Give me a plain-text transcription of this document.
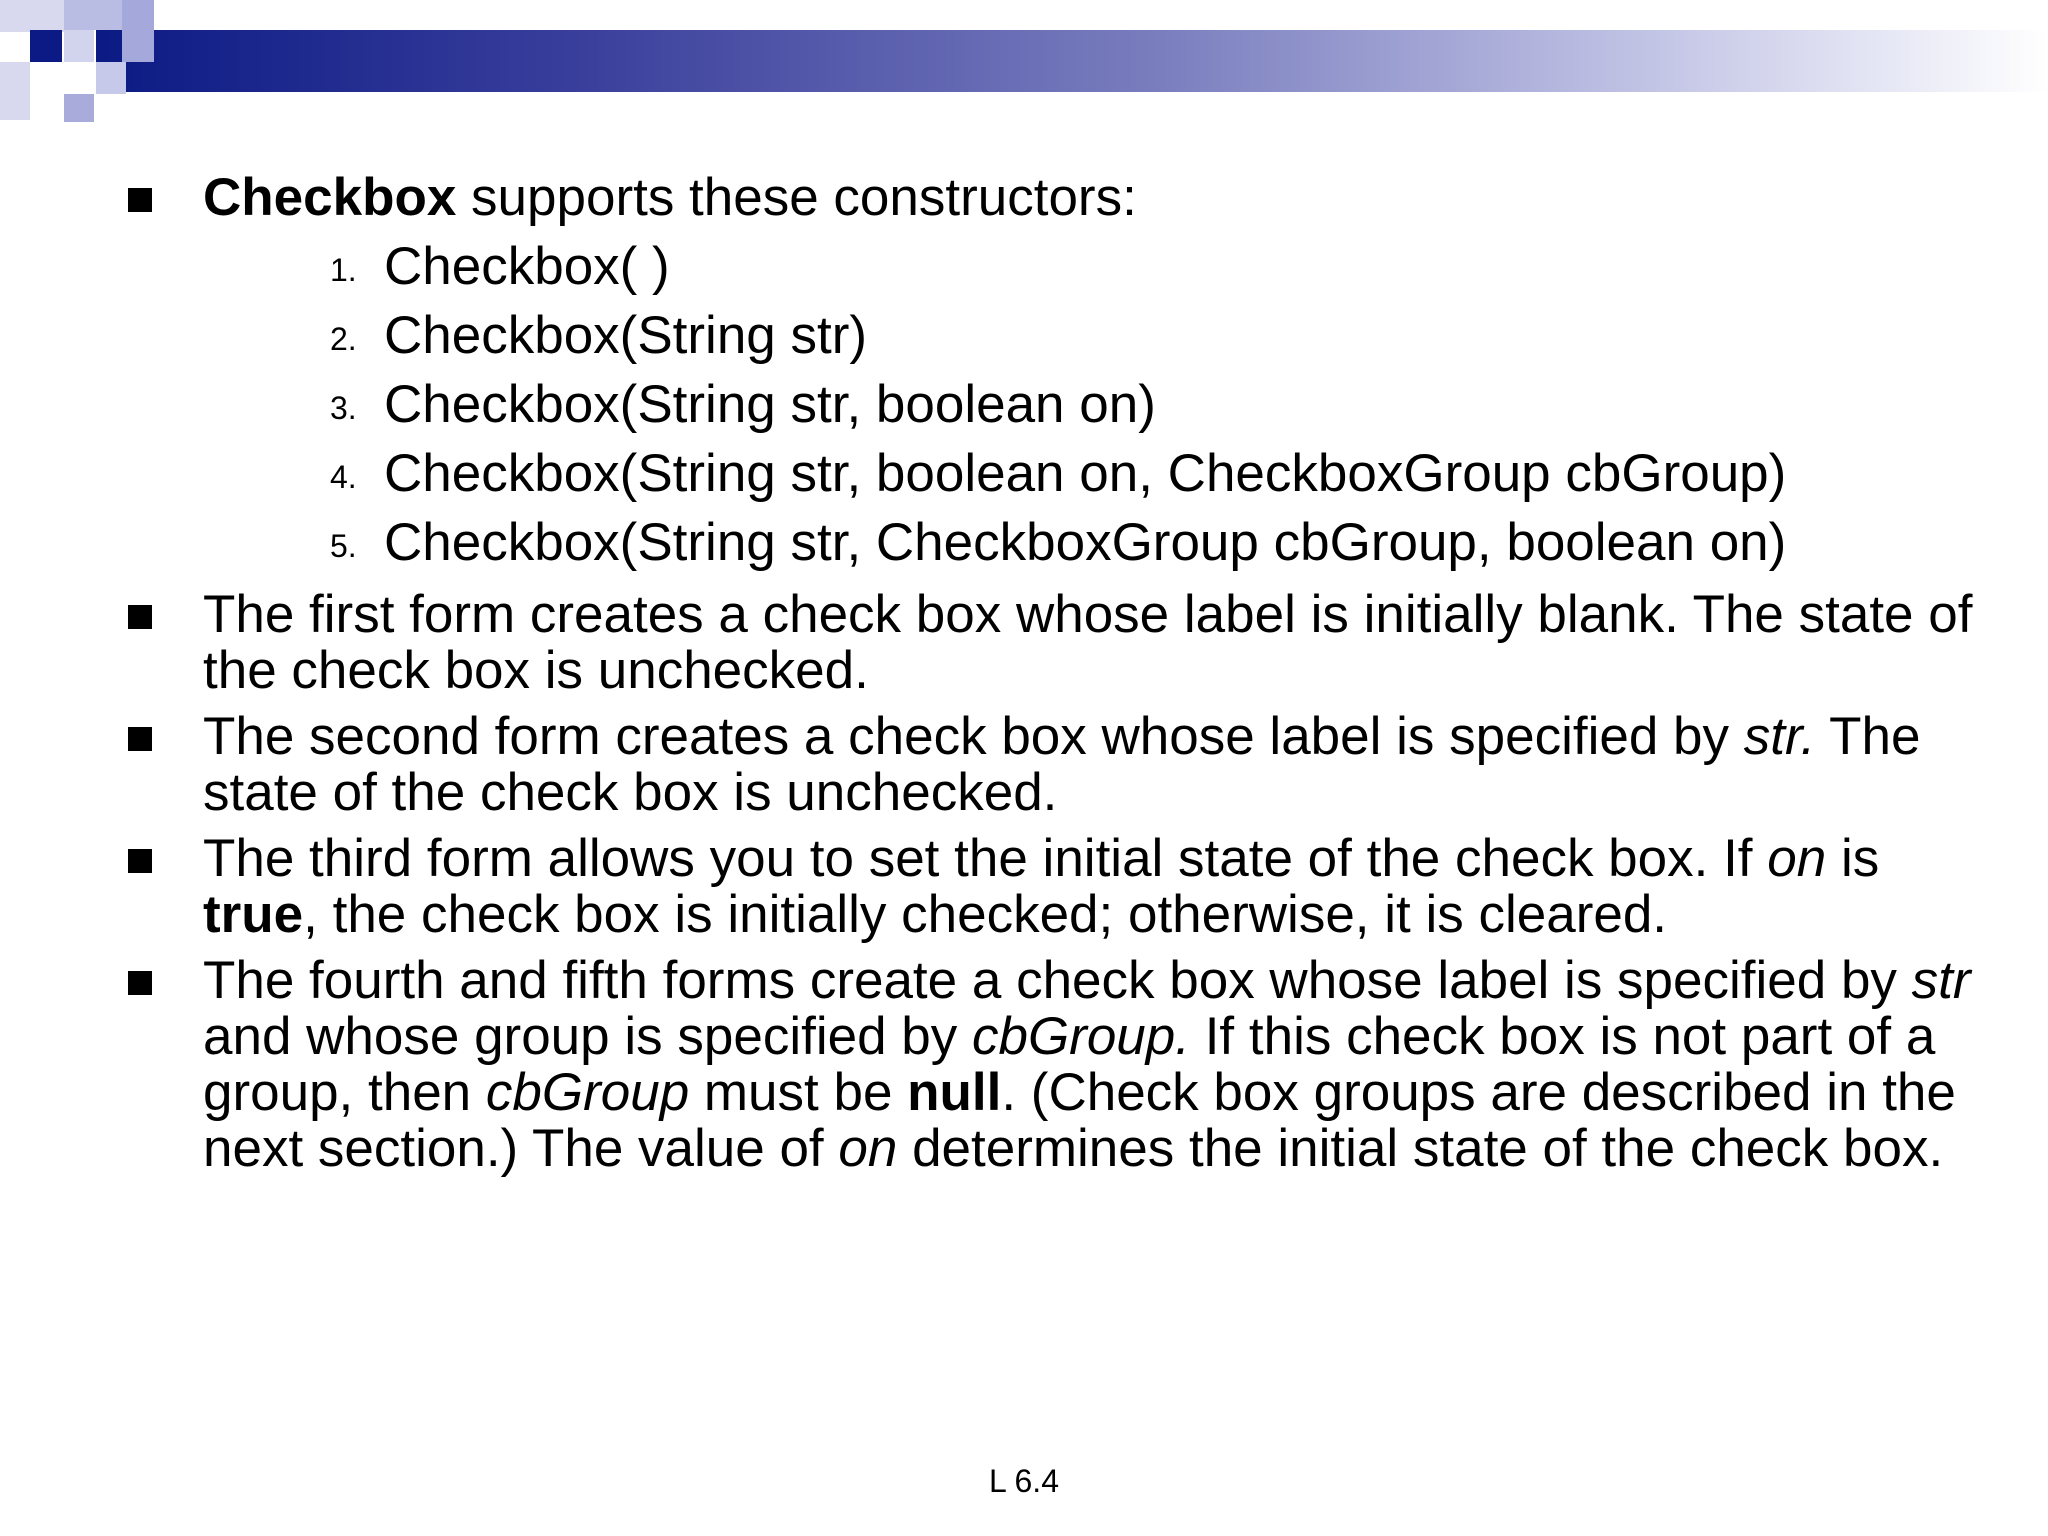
Checkbox supports these constructors:
1. Checkbox( )
2. Checkbox(String str)
3. Checkbox(String str, boolean on)
4. Checkbox(String str, boolean on, CheckboxGroup cbGroup)
5. Checkbox(String str, CheckboxGroup cbGroup, boolean on)
The first form creates a check box whose label is initially blank. The state of the check box is unchecked.
The second form creates a check box whose label is specified by str. The state of the check box is unchecked.
The third form allows you to set the initial state of the check box. If on is true, the check box is initially checked; otherwise, it is cleared.
The fourth and fifth forms create a check box whose label is specified by str and whose group is specified by cbGroup. If this check box is not part of a group, then cbGroup must be null. (Check box groups are described in the next section.) The value of on determines the initial state of the check box.
L 6.4
